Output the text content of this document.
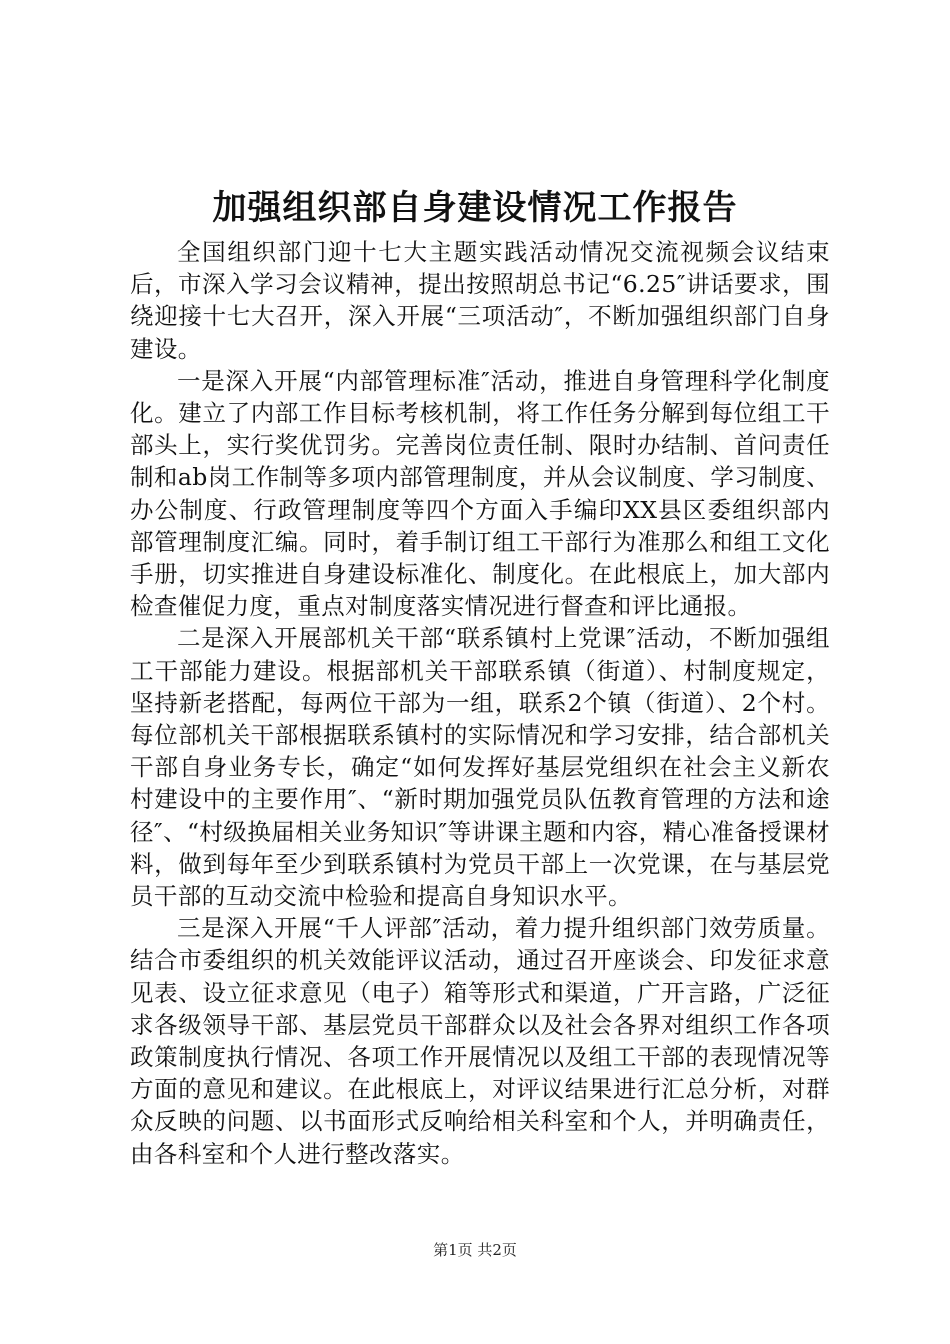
加强组织部自身建设情况工作报告

全国组织部门迎十七大主题实践活动情况交流视频会议结束后，市深入学习会议精神，提出按照胡总书记“6.25″讲话要求，围绕迎接十七大召开，深入开展“三项活动″，不断加强组织部门自身建设。

一是深入开展“内部管理标准″活动，推进自身管理科学化制度化。建立了内部工作目标考核机制，将工作任务分解到每位组工干部头上，实行奖优罚劣。完善岗位责任制、限时办结制、首问责任制和ab岗工作制等多项内部管理制度，并从会议制度、学习制度、办公制度、行政管理制度等四个方面入手编印XX县区委组织部内部管理制度汇编。同时，着手制订组工干部行为准那么和组工文化手册，切实推进自身建设标准化、制度化。在此根底上，加大部内检查催促力度，重点对制度落实情况进行督查和评比通报。

二是深入开展部机关干部“联系镇村上党课″活动，不断加强组工干部能力建设。根据部机关干部联系镇（街道）、村制度规定，坚持新老搭配，每两位干部为一组，联系2个镇（街道）、2个村。每位部机关干部根据联系镇村的实际情况和学习安排，结合部机关干部自身业务专长，确定“如何发挥好基层党组织在社会主义新农村建设中的主要作用″、“新时期加强党员队伍教育管理的方法和途径″、“村级换届相关业务知识″等讲课主题和内容，精心准备授课材料，做到每年至少到联系镇村为党员干部上一次党课，在与基层党员干部的互动交流中检验和提高自身知识水平。

三是深入开展“千人评部″活动，着力提升组织部门效劳质量。结合市委组织的机关效能评议活动，通过召开座谈会、印发征求意见表、设立征求意见（电子）箱等形式和渠道，广开言路，广泛征求各级领导干部、基层党员干部群众以及社会各界对组织工作各项政策制度执行情况、各项工作开展情况以及组工干部的表现情况等方面的意见和建议。在此根底上，对评议结果进行汇总分析，对群众反映的问题、以书面形式反响给相关科室和个人，并明确责任，由各科室和个人进行整改落实。

第1页 共2页
